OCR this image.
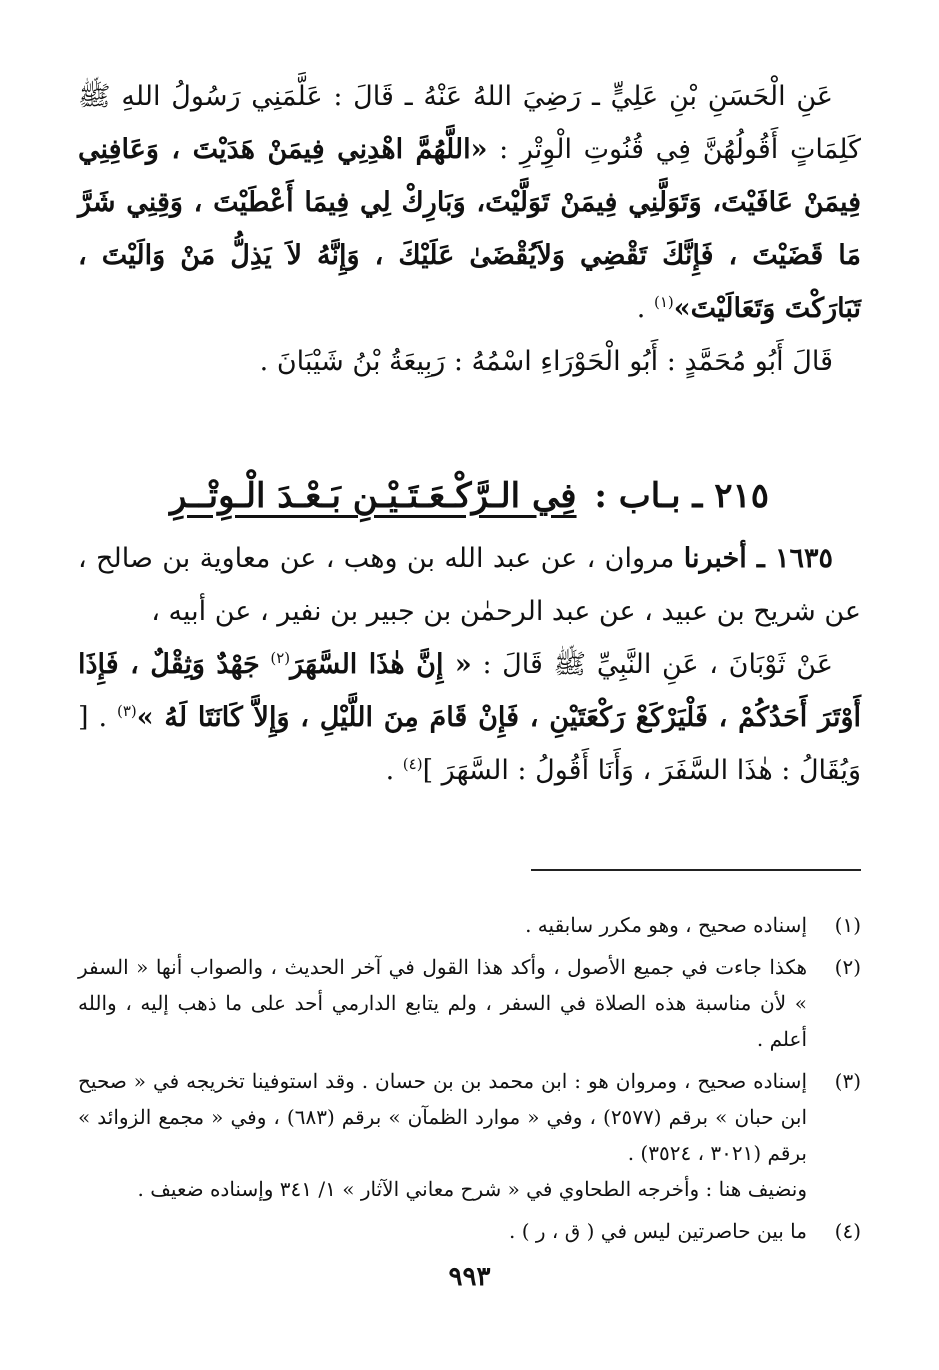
عَنِ الْحَسَنِ بْنِ عَلِيٍّ ـ رَضِيَ اللهُ عَنْهُ ـ قَالَ : عَلَّمَنِي رَسُولُ اللهِ ﷺ كَلِمَاتٍ أَقُولُهُنَّ فِي قُنُوتِ الْوِتْرِ : «اللَّهُمَّ اهْدِنِي فِيمَنْ هَدَيْتَ ، وَعَافِنِي فِيمَنْ عَافَيْتَ، وَتَوَلَّنِي فِيمَنْ تَوَلَّيْتَ، وَبَارِكْ لِي فِيمَا أَعْطَيْتَ ، وَقِنِي شَرَّ مَا قَضَيْتَ ، فَإِنَّكَ تَقْضِي وَلاَيُقْضَىٰ عَلَيْكَ ، وَإِنَّهُ لاَ يَذِلُّ مَنْ وَالَيْتَ ، تَبَارَكْتَ وَتَعَالَيْتَ»$^{(١)}$ .

قَالَ أَبُو مُحَمَّدٍ : أَبُو الْحَوْرَاءِ اسْمُهُ : رَبِيعَةُ بْنُ شَيْبَانَ .

٢١٥ ـ بـاب : فِي الـرَّكْـعَـتَـيْـنِ بَـعْـدَ الْـوِتْــرِ

١٦٣٥ ـ أخبرنا مروان ، عن عبد الله بن وهب ، عن معاوية بن صالح ، عن شريح بن عبيد ، عن عبد الرحمٰن بن جبير بن نفير ، عن أبيه ،

عَنْ ثَوْبَانَ ، عَنِ النَّبِيِّ ﷺ قَالَ : « إِنَّ هٰذَا السَّهَرَ$^{(٢)}$ جَهْدٌ وَثِقْلٌ ، فَإِذَا أَوْتَرَ أَحَدُكُمْ ، فَلْيَرْكَعْ رَكْعَتَيْنِ ، فَإِنْ قَامَ مِنَ اللَّيْلِ ، وَإِلاَّ كَانَتَا لَهُ »$^{(٣)}$ . [ وَيُقَالُ : هٰذَا السَّفَرَ ، وَأَنَا أَقُولُ : السَّهَرَ ]$^{(٤)}$ .

(١)

إسناده صحيح ، وهو مكرر سابقيه .

(٢)

هكذا جاءت في جميع الأصول ، وأكد هذا القول في آخر الحديث ، والصواب أنها « السفر » لأن مناسبة هذه الصلاة في السفر ، ولم يتابع الدارمي أحد على ما ذهب إليه ، والله أعلم .

(٣)

إسناده صحيح ، ومروان هو : ابن محمد بن بن حسان . وقد استوفينا تخريجه في « صحيح ابن حبان » برقم (٢٥٧٧) ، وفي « موارد الظمآن » برقم (٦٨٣) ، وفي « مجمع الزوائد » برقم (٣٠٢١ ، ٣٥٢٤) .

ونضيف هنا : وأخرجه الطحاوي في « شرح معاني الآثار » ١/ ٣٤١ وإسناده ضعيف .

(٤)

ما بين حاصرتين ليس في ( ق ، ر ) .

٩٩٣
